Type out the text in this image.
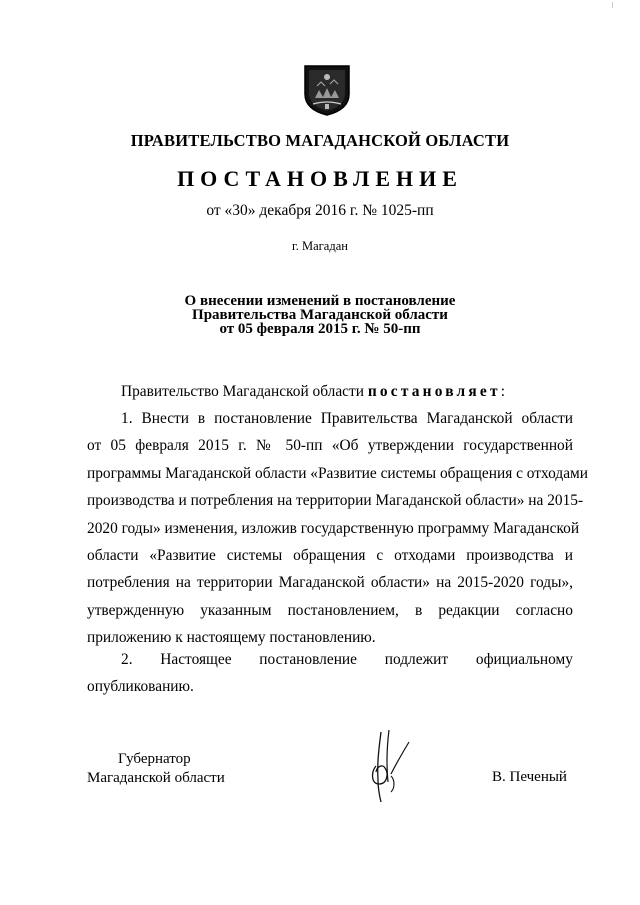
ПРАВИТЕЛЬСТВО МАГАДАНСКОЙ ОБЛАСТИ
ПОСТАНОВЛЕНИЕ
от «30» декабря 2016 г. № 1025-пп
г. Магадан
О внесении изменений в постановление
Правительства Магаданской области
от 05 февраля 2015 г. № 50-пп
Правительство Магаданской области постановляет:
1. Внести в постановление Правительства Магаданской области
от 05 февраля 2015 г. № 50-пп «Об утверждении государственной
программы Магаданской области «Развитие системы обращения с отходами
производства и потребления на территории Магаданской области» на 2015-
2020 годы» изменения, изложив государственную программу Магаданской
области «Развитие системы обращения с отходами производства и
потребления на территории Магаданской области» на 2015-2020 годы»,
утвержденную указанным постановлением, в редакции согласно
приложению к настоящему постановлению.
2. Настоящее постановление подлежит официальному
опубликованию.
Губернатор
Магаданской области	В. Печеный
